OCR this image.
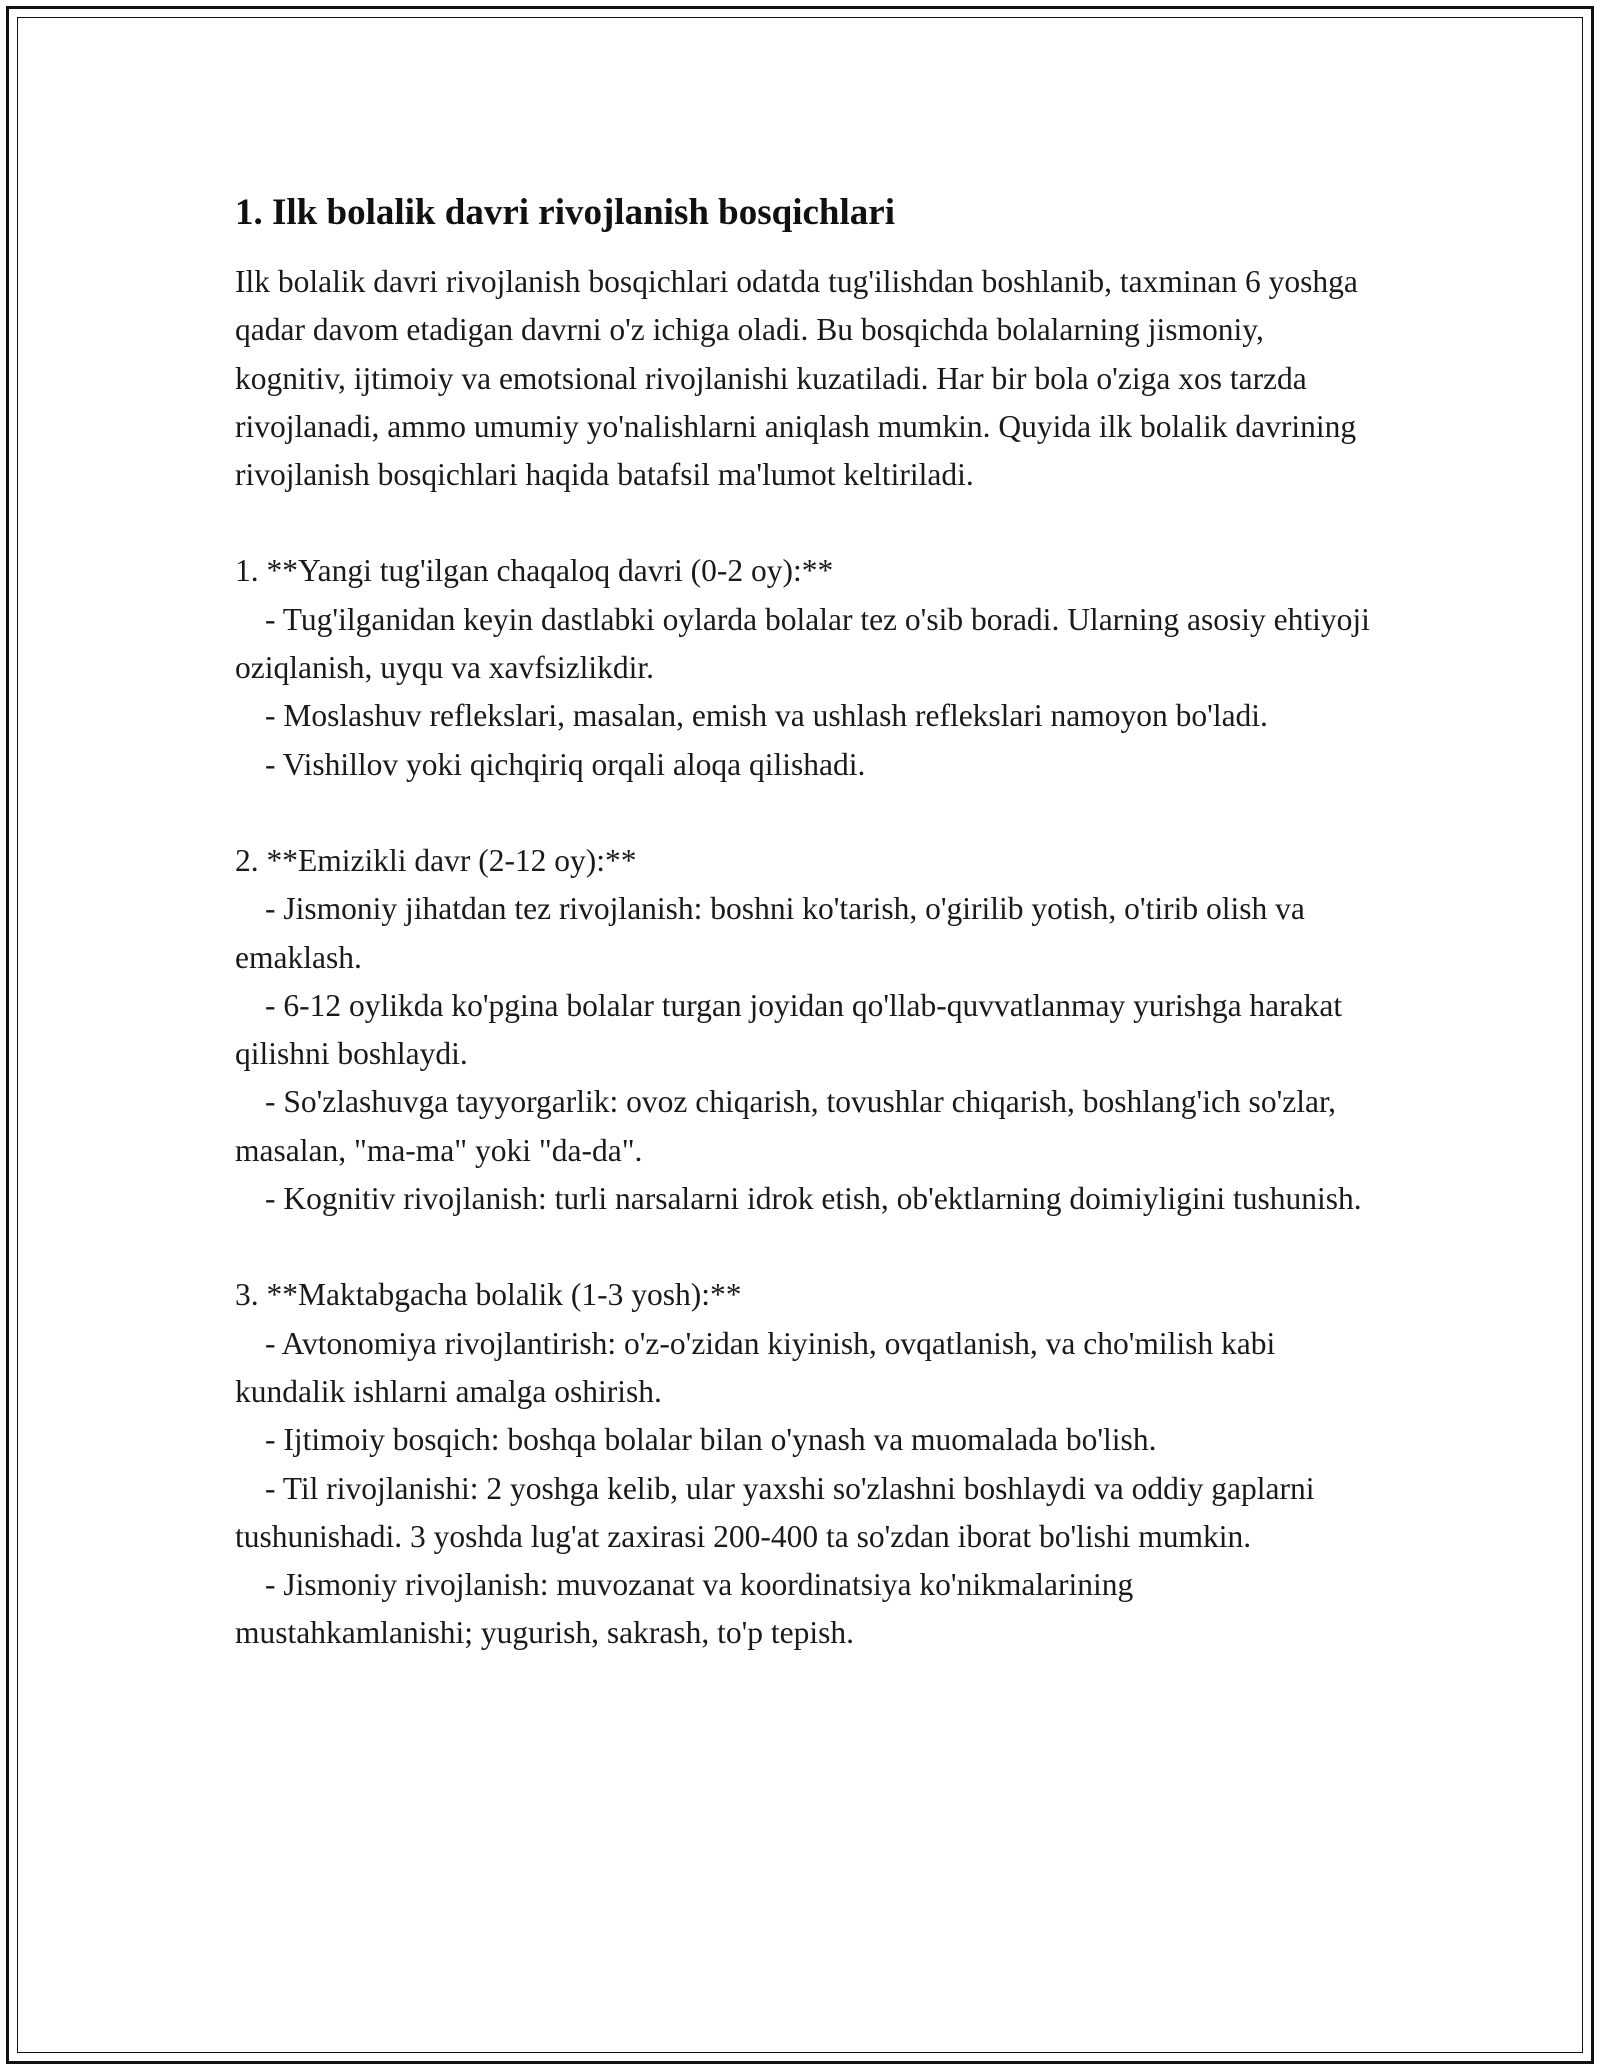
1. Ilk bolalik davri rivojlanish bosqichlari

Ilk bolalik davri rivojlanish bosqichlari odatda tug'ilishdan boshlanib, taxminan 6 yoshga qadar davom etadigan davrni o'z ichiga oladi. Bu bosqichda bolalarning jismoniy, kognitiv, ijtimoiy va emotsional rivojlanishi kuzatiladi. Har bir bola o'ziga xos tarzda rivojlanadi, ammo umumiy yo'nalishlarni aniqlash mumkin. Quyida ilk bolalik davrining rivojlanish bosqichlari haqida batafsil ma'lumot keltiriladi.

1. **Yangi tug'ilgan chaqaloq davri (0-2 oy):**
- Tug'ilganidan keyin dastlabki oylarda bolalar tez o'sib boradi. Ularning asosiy ehtiyoji oziqlanish, uyqu va xavfsizlikdir.
- Moslashuv reflekslari, masalan, emish va ushlash reflekslari namoyon bo'ladi.
- Vishillov yoki qichqiriq orqali aloqa qilishadi.
2. **Emizikli davr (2-12 oy):**
- Jismoniy jihatdan tez rivojlanish: boshni ko'tarish, o'girilib yotish, o'tirib olish va emaklash.
- 6-12 oylikda ko'pgina bolalar turgan joyidan qo'llab-quvvatlanmay yurishga harakat qilishni boshlaydi.
- So'zlashuvga tayyorgarlik: ovoz chiqarish, tovushlar chiqarish, boshlang'ich so'zlar, masalan, "ma-ma" yoki "da-da".
- Kognitiv rivojlanish: turli narsalarni idrok etish, ob'ektlarning doimiyligini tushunish.
3. **Maktabgacha bolalik (1-3 yosh):**
- Avtonomiya rivojlantirish: o'z-o'zidan kiyinish, ovqatlanish, va cho'milish kabi kundalik ishlarni amalga oshirish.
- Ijtimoiy bosqich: boshqa bolalar bilan o'ynash va muomalada bo'lish.
- Til rivojlanishi: 2 yoshga kelib, ular yaxshi so'zlashni boshlaydi va oddiy gaplarni tushunishadi. 3 yoshda lug'at zaxirasi 200-400 ta so'zdan iborat bo'lishi mumkin.
- Jismoniy rivojlanish: muvozanat va koordinatsiya ko'nikmalarining mustahkamlanishi; yugurish, sakrash, to'p tepish.
